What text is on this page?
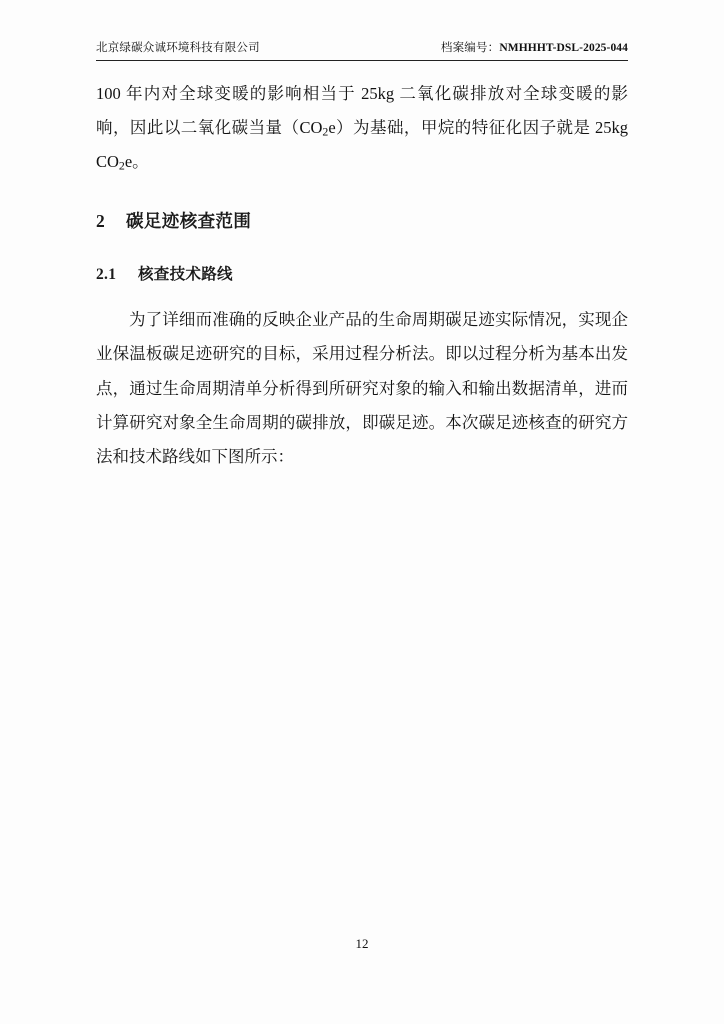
北京绿碳众诚环境科技有限公司	档案编号：NMHHHT-DSL-2025-044

100 年内对全球变暖的影响相当于 25kg 二氧化碳排放对全球变暖的影响，因此以二氧化碳当量$(CO_2e)$为基础，甲烷的特征化因子就是 25kg $CO_2e$。

2 碳足迹核查范围
2.1 核查技术路线

为了详细而准确的反映企业产品的生命周期碳足迹实际情况，实现企业保温板碳足迹研究的目标，采用过程分析法。即以过程分析为基本出发点，通过生命周期清单分析得到所研究对象的输入和输出数据清单，进而计算研究对象全生命周期的碳排放，即碳足迹。本次碳足迹核查的研究方法和技术路线如下图所示：

12
